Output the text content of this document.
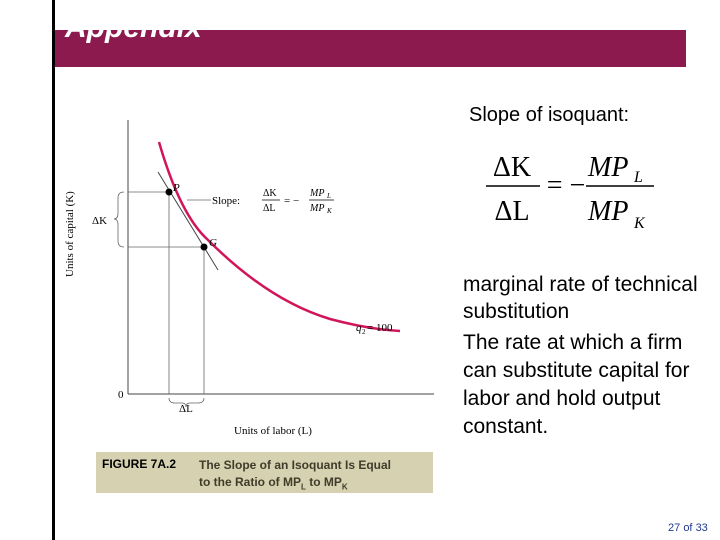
Appendix
Slope of isoquant:
ΔK
ΔL
= −
MP L
MP K
marginal rate of technical substitution
The rate at which a firm can substitute capital for labor and hold output constant.
ΔK
ΔL
P
G
Slope:
ΔK
ΔL
= −
MP L
MP K
q 2 = 100
0
Units of labor (L)
Units of capital (K)
FIGURE 7A.2 The Slope of an Isoquant Is Equal
to the Ratio of $MP_L$ to $MP_K$
27 of 33
